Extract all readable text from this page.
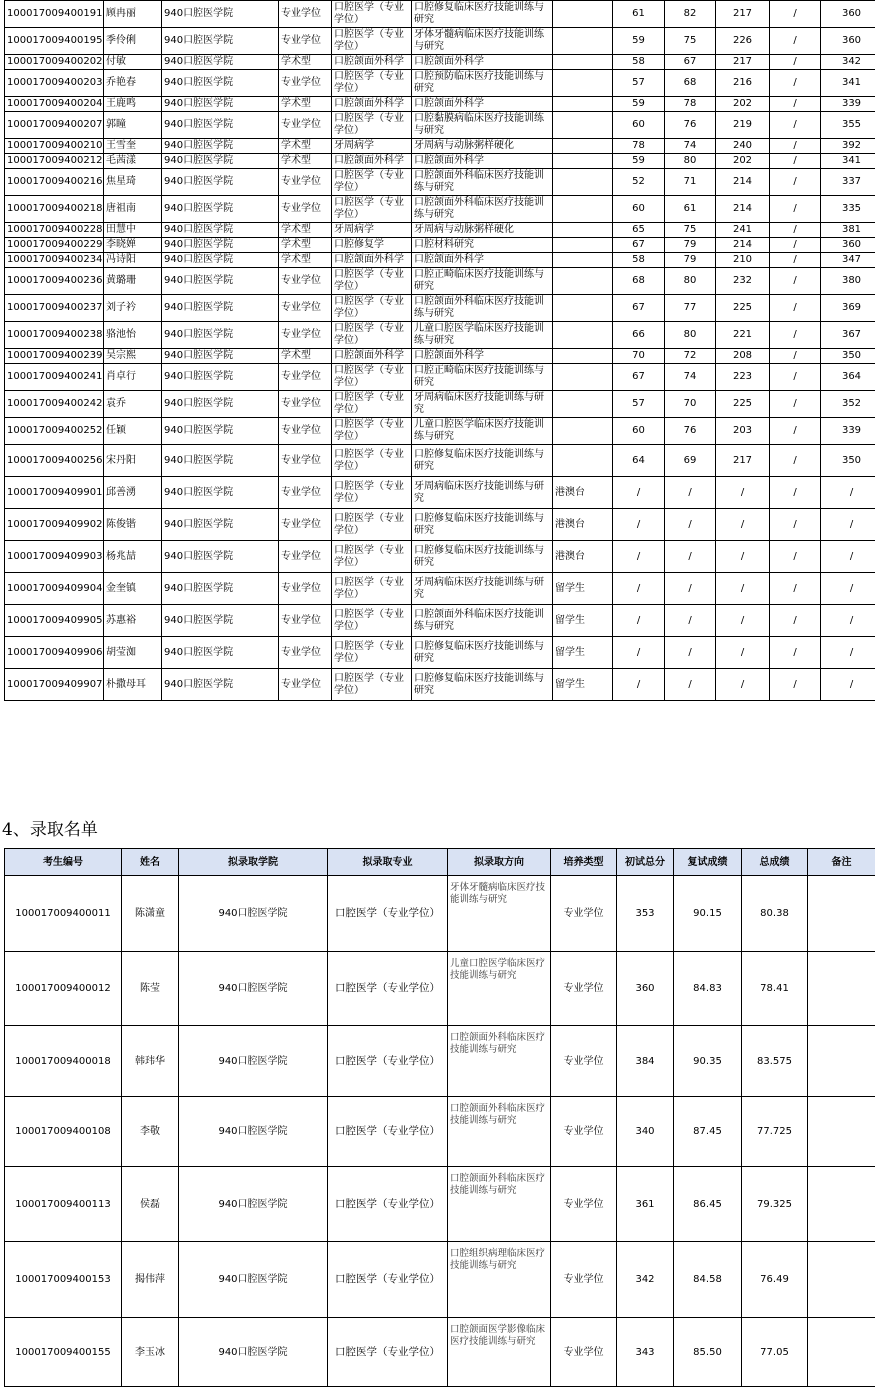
100017009400191	顾冉丽	940口腔医学院	专业学位	口腔医学（专业学位）	口腔修复临床医疗技能训练与研究		61	82	217	/	360
100017009400195	季伶俐	940口腔医学院	专业学位	口腔医学（专业学位）	牙体牙髓病临床医疗技能训练与研究		59	75	226	/	360
100017009400202	付敏	940口腔医学院	学术型	口腔颌面外科学	口腔颌面外科学		58	67	217	/	342
100017009400203	乔艳春	940口腔医学院	专业学位	口腔医学（专业学位）	口腔预防临床医疗技能训练与研究		57	68	216	/	341
100017009400204	王鹿鸣	940口腔医学院	学术型	口腔颌面外科学	口腔颌面外科学		59	78	202	/	339
100017009400207	郭瞳	940口腔医学院	专业学位	口腔医学（专业学位）	口腔黏膜病临床医疗技能训练与研究		60	76	219	/	355
100017009400210	王雪奎	940口腔医学院	学术型	牙周病学	牙周病与动脉粥样硬化		78	74	240	/	392
100017009400212	毛茜漾	940口腔医学院	学术型	口腔颌面外科学	口腔颌面外科学		59	80	202	/	341
100017009400216	焦星琦	940口腔医学院	专业学位	口腔医学（专业学位）	口腔颌面外科临床医疗技能训练与研究		52	71	214	/	337
100017009400218	唐祖南	940口腔医学院	专业学位	口腔医学（专业学位）	口腔颌面外科临床医疗技能训练与研究		60	61	214	/	335
100017009400228	田慧中	940口腔医学院	学术型	牙周病学	牙周病与动脉粥样硬化		65	75	241	/	381
100017009400229	李晓婵	940口腔医学院	学术型	口腔修复学	口腔材料研究		67	79	214	/	360
100017009400234	冯诗阳	940口腔医学院	学术型	口腔颌面外科学	口腔颌面外科学		58	79	210	/	347
100017009400236	黄璐珊	940口腔医学院	专业学位	口腔医学（专业学位）	口腔正畸临床医疗技能训练与研究		68	80	232	/	380
100017009400237	刘子衿	940口腔医学院	专业学位	口腔医学（专业学位）	口腔颌面外科临床医疗技能训练与研究		67	77	225	/	369
100017009400238	骆池怡	940口腔医学院	专业学位	口腔医学（专业学位）	儿童口腔医学临床医疗技能训练与研究		66	80	221	/	367
100017009400239	吴宗熙	940口腔医学院	学术型	口腔颌面外科学	口腔颌面外科学		70	72	208	/	350
100017009400241	肖卓行	940口腔医学院	专业学位	口腔医学（专业学位）	口腔正畸临床医疗技能训练与研究		67	74	223	/	364
100017009400242	袁乔	940口腔医学院	专业学位	口腔医学（专业学位）	牙周病临床医疗技能训练与研究		57	70	225	/	352
100017009400252	任颖	940口腔医学院	专业学位	口腔医学（专业学位）	儿童口腔医学临床医疗技能训练与研究		60	76	203	/	339
100017009400256	宋丹阳	940口腔医学院	专业学位	口腔医学（专业学位）	口腔修复临床医疗技能训练与研究		64	69	217	/	350
100017009409901	邱善湧	940口腔医学院	专业学位	口腔医学（专业学位）	牙周病临床医疗技能训练与研究	港澳台	/	/	/	/	/
100017009409902	陈俊锴	940口腔医学院	专业学位	口腔医学（专业学位）	口腔修复临床医疗技能训练与研究	港澳台	/	/	/	/	/
100017009409903	杨兆喆	940口腔医学院	专业学位	口腔医学（专业学位）	口腔修复临床医疗技能训练与研究	港澳台	/	/	/	/	/
100017009409904	金奎镇	940口腔医学院	专业学位	口腔医学（专业学位）	牙周病临床医疗技能训练与研究	留学生	/	/	/	/	/
100017009409905	苏惠裕	940口腔医学院	专业学位	口腔医学（专业学位）	口腔颌面外科临床医疗技能训练与研究	留学生	/	/	/	/	/
100017009409906	胡莹洳	940口腔医学院	专业学位	口腔医学（专业学位）	口腔修复临床医疗技能训练与研究	留学生	/	/	/	/	/
100017009409907	朴撒母耳	940口腔医学院	专业学位	口腔医学（专业学位）	口腔修复临床医疗技能训练与研究	留学生	/	/	/	/	/
4、录取名单
考生编号	姓名	拟录取学院	拟录取专业	拟录取方向	培养类型	初试总分	复试成绩	总成绩	备注
100017009400011	陈潇童	940口腔医学院	口腔医学（专业学位）	牙体牙髓病临床医疗技能训练与研究	专业学位	353	90.15	80.38	
100017009400012	陈莹	940口腔医学院	口腔医学（专业学位）	儿童口腔医学临床医疗技能训练与研究	专业学位	360	84.83	78.41	
100017009400018	韩玮华	940口腔医学院	口腔医学（专业学位）	口腔颌面外科临床医疗技能训练与研究	专业学位	384	90.35	83.575	
100017009400108	李敬	940口腔医学院	口腔医学（专业学位）	口腔颌面外科临床医疗技能训练与研究	专业学位	340	87.45	77.725	
100017009400113	侯磊	940口腔医学院	口腔医学（专业学位）	口腔颌面外科临床医疗技能训练与研究	专业学位	361	86.45	79.325	
100017009400153	揭伟萍	940口腔医学院	口腔医学（专业学位）	口腔组织病理临床医疗技能训练与研究	专业学位	342	84.58	76.49	
100017009400155	李玉冰	940口腔医学院	口腔医学（专业学位）	口腔颌面医学影像临床医疗技能训练与研究	专业学位	343	85.50	77.05	
